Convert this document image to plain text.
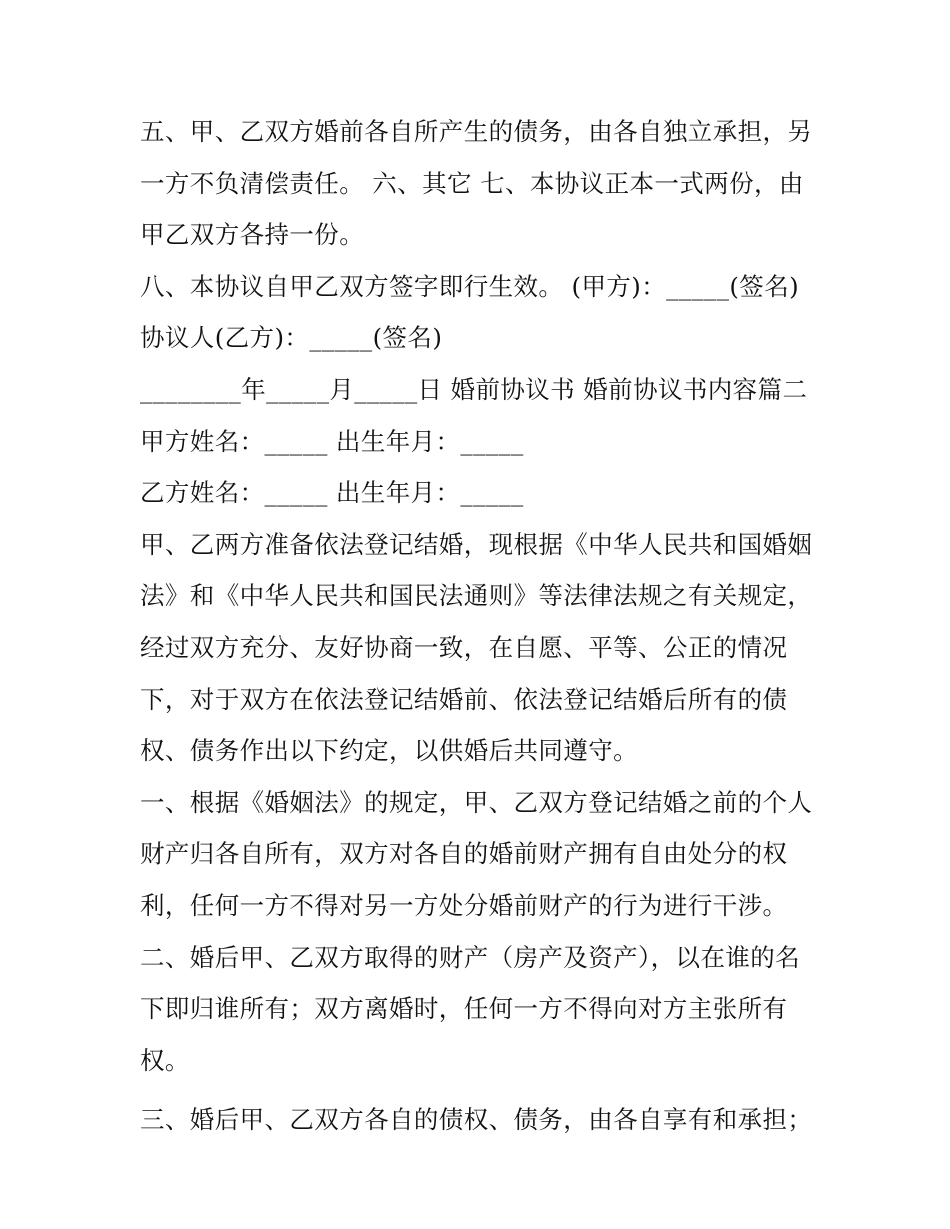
五、甲、乙双方婚前各自所产生的债务，由各自独立承担，另
一方不负清偿责任。 六、其它 七、本协议正本一式两份，由
甲乙双方各持一份。
八、本协议自甲乙双方签字即行生效。 (甲方)：_____(签名)
协议人(乙方)：_____(签名)
________年_____月_____日 婚前协议书 婚前协议书内容篇二
甲方姓名：_____ 出生年月：_____
乙方姓名：_____ 出生年月：_____
甲、乙两方准备依法登记结婚，现根据《中华人民共和国婚姻
法》和《中华人民共和国民法通则》等法律法规之有关规定，
经过双方充分、友好协商一致，在自愿、平等、公正的情况
下，对于双方在依法登记结婚前、依法登记结婚后所有的债
权、债务作出以下约定，以供婚后共同遵守。
一、根据《婚姻法》的规定，甲、乙双方登记结婚之前的个人
财产归各自所有，双方对各自的婚前财产拥有自由处分的权
利，任何一方不得对另一方处分婚前财产的行为进行干涉。
二、婚后甲、乙双方取得的财产（房产及资产），以在谁的名
下即归谁所有；双方离婚时，任何一方不得向对方主张所有
权。
三、婚后甲、乙双方各自的债权、债务，由各自享有和承担；
